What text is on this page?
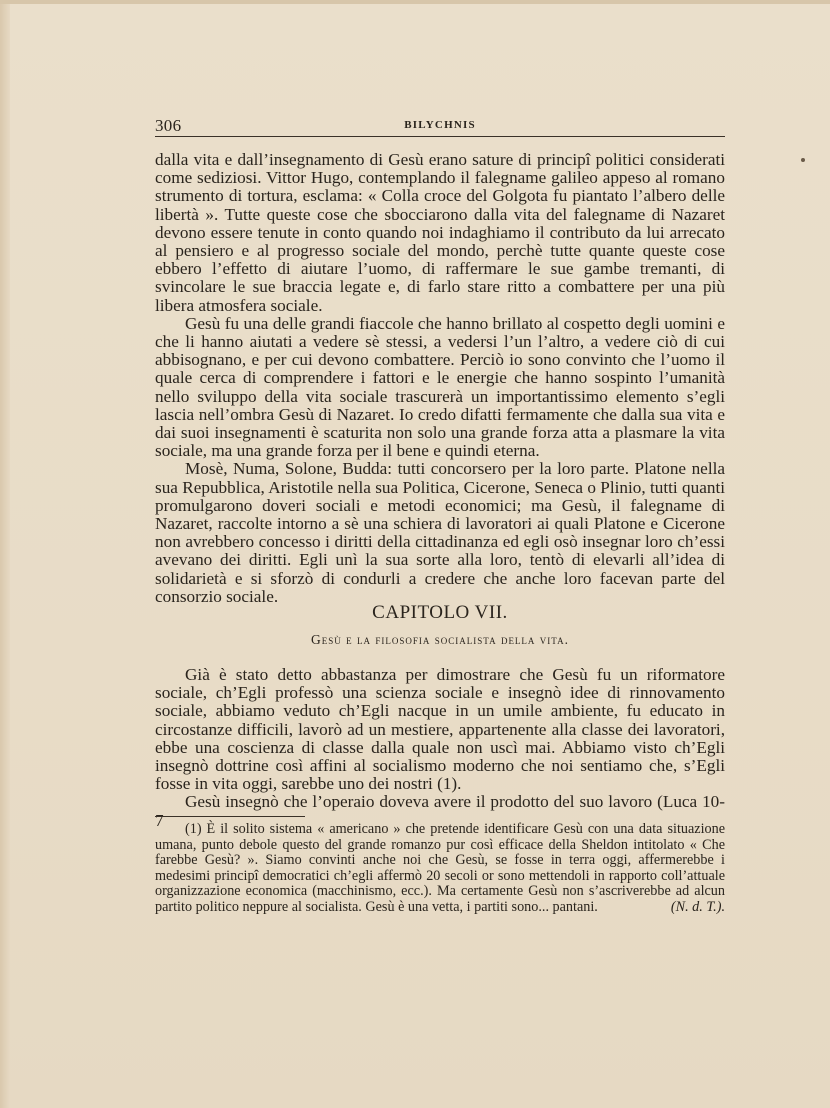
306	BILYCHNIS

dalla vita e dall’insegnamento di Gesù erano sature di principî politici considerati come sediziosi. Vittor Hugo, contemplando il falegname galileo appeso al romano strumento di tortura, esclama: « Colla croce del Golgota fu piantato l’albero delle libertà ». Tutte queste cose che sbocciarono dalla vita del falegname di Nazaret devono essere tenute in conto quando noi indaghiamo il contributo da lui arrecato al pensiero e al progresso sociale del mondo, perchè tutte quante queste cose ebbero l’effetto di aiutare l’uomo, di raffermare le sue gambe tremanti, di svincolare le sue braccia legate e, di farlo stare ritto a combattere per una più libera atmosfera sociale.

Gesù fu una delle grandi fiaccole che hanno brillato al cospetto degli uomini e che li hanno aiutati a vedere sè stessi, a vedersi l’un l’altro, a vedere ciò di cui abbisognano, e per cui devono combattere. Perciò io sono convinto che l’uomo il quale cerca di comprendere i fattori e le energie che hanno sospinto l’umanità nello sviluppo della vita sociale trascurerà un importantissimo elemento s’egli lascia nell’ombra Gesù di Nazaret. Io credo difatti fermamente che dalla sua vita e dai suoi insegnamenti è scaturita non solo una grande forza atta a plasmare la vita sociale, ma una grande forza per il bene e quindi eterna.

Mosè, Numa, Solone, Budda: tutti concorsero per la loro parte. Platone nella sua Repubblica, Aristotile nella sua Politica, Cicerone, Seneca o Plinio, tutti quanti promulgarono doveri sociali e metodi economici; ma Gesù, il falegname di Nazaret, raccolte intorno a sè una schiera di lavoratori ai quali Platone e Cicerone non avrebbero concesso i diritti della cittadinanza ed egli osò insegnar loro ch’essi avevano dei diritti. Egli unì la sua sorte alla loro, tentò di elevarli all’idea di solidarietà e si sforzò di condurli a credere che anche loro facevan parte del consorzio sociale.

CAPITOLO VII.
Gesù e la filosofia socialista della vita.

Già è stato detto abbastanza per dimostrare che Gesù fu un riformatore sociale, ch’Egli professò una scienza sociale e insegnò idee di rinnovamento sociale, abbiamo veduto ch’Egli nacque in un umile ambiente, fu educato in circostanze difficili, lavorò ad un mestiere, appartenente alla classe dei lavoratori, ebbe una coscienza di classe dalla quale non uscì mai. Abbiamo visto ch’Egli insegnò dottrine così affini al socialismo moderno che noi sentiamo che, s’Egli fosse in vita oggi, sarebbe uno dei nostri (1).

Gesù insegnò che l’operaio doveva avere il prodotto del suo lavoro (Luca 10-7	(1) È il solito sistema « americano » che pretende identificare Gesù con una data situazione umana, punto debole questo del grande romanzo pur così efficace della Sheldon intitolato « Che farebbe Gesù? ». Siamo convinti anche noi che Gesù, se fosse in terra oggi, affermerebbe i medesimi principî democratici ch’egli affermò 20 secoli or sono mettendoli in rapporto coll’attuale organizzazione economica (macchinismo, ecc.). Ma certamente Gesù non s’ascriverebbe ad alcun partito politico neppure al socialista. Gesù è una vetta, i partiti sono... pantani.	(N. d. T.).
